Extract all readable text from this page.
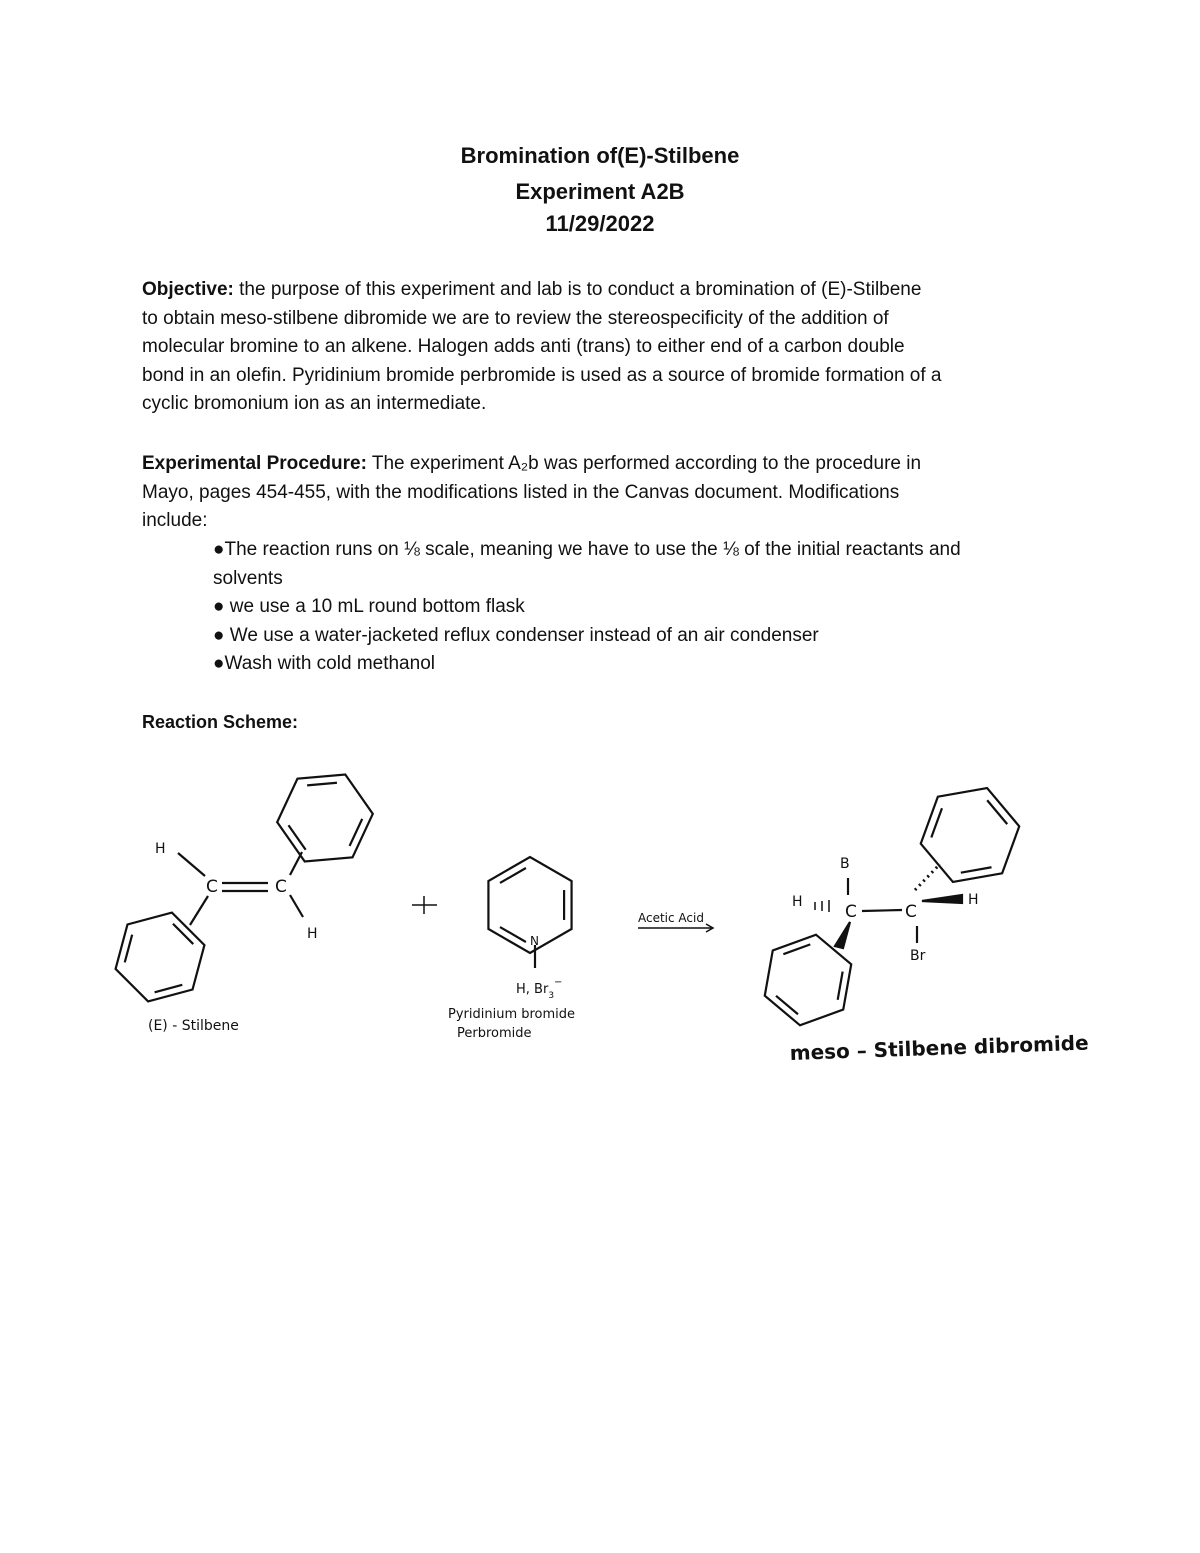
Bromination of(E)-Stilbene
Experiment A2B
11/29/2022
Objective: the purpose of this experiment and lab is to conduct a bromination of (E)-Stilbene
to obtain meso-stilbene dibromide we are to review the stereospecificity of the addition of
molecular bromine to an alkene. Halogen adds anti (trans) to either end of a carbon double
bond in an olefin. Pyridinium bromide perbromide is used as a source of bromide formation of a
cyclic bromonium ion as an intermediate.
Experimental Procedure: The experiment A₂b was performed according to the procedure in
Mayo, pages 454-455, with the modifications listed in the Canvas document. Modifications
include:
●The reaction runs on ⅛ scale, meaning we have to use the ⅛ of the initial reactants and
solvents
● we use a 10 mL round bottom flask
● We use a water-jacketed reflux condenser instead of an air condenser
●Wash with cold methanol
Reaction Scheme:
H
C	C
H
(E) - Stilbene
N
H, $Br_3^-$
Pyridinium bromide
Perbromide
Acetic Acid
B
H C	C
H
Br
meso – Stilbene dibromide
